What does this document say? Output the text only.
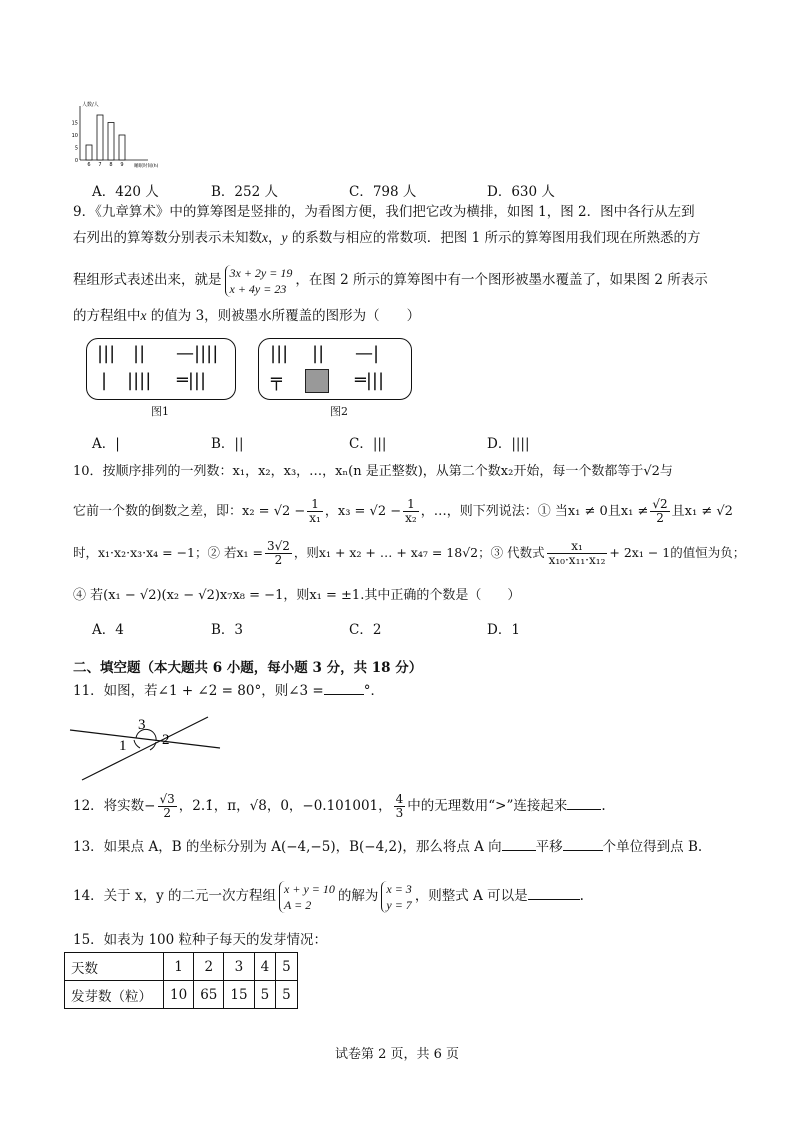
人数/人
睡眠时间(h)
0
5
10
15
6 7 8 9
A．420 人	B．252 人	C．798 人	D．630 人
9．《九章算术》中的算筹图是竖排的，为看图方便，我们把它改为横排，如图 1，图 2．图中各行从左到
右列出的算筹数分别表示未知数x，y 的系数与相应的常数项．把图 1 所示的算筹图用我们现在所熟悉的方
程组形式表述出来，就是 3x + 2y = 19
x + 4y = 23
，在图 2 所示的算筹图中有一个图形被墨水覆盖了，如果图 2 所表示
的方程组中x 的值为 3，则被墨水所覆盖的图形为（　　）
||| || —||||
| |||| ═|||
图1
||| || —|
╤	═|||
图2
A．|	B．||	C．|||	D．||||
10．按顺序排列的一列数：x₁，x₂，x₃，…，xₙ(n 是正整数)，从第二个数x₂开始，每一个数都等于√2与
它前一个数的倒数之差，即：$x_2 = √2 - \frac{1}{\text{x₁}}$ ，$x_3 = √2 - \frac{1}{\text{x₂}}$ ，…，则下列说法：① 当x₁ ≠ 0且$x_1 \ne \frac{√2}{2}$ 且x₁ ≠ √2
时，x₁·x₂·x₃·x₄ = −1；② 若$x_1 = \frac{3√2}{2}$ ，则x₁ + x₂ + … + x₄₇ = 18√2；③ 代数式 $\frac{\text{x₁}}{\text{x₁₀·x₁₁·x₁₂}} + 2x_1 - 1$的值恒为负；
④ 若(x₁ − √2)(x₂ − √2)x₇x₈ = −1，则x₁ = ±1.其中正确的个数是（　　）
A．4	B．3	C．2	D．1
二、填空题（本大题共 6 小题，每小题 3 分，共 18 分）
11．如图，若∠1 + ∠2 = 80°，则∠3 =	°．
3
1 2
12．将实数− $\frac{√3}{2}$ ，2.1̇，π，√8，0，−0.101001， $\frac{4}{3}$ 中的无理数用“>”连接起来	.
13．如果点 A，B 的坐标分别为 A(−4,−5)，B(−4,2)，那么将点 A 向	平移	个单位得到点 B.
14．关于 x，y 的二元一次方程组 x + y = 10
A = 2
的解为 x = 3
y = 7
，则整式 A 可以是	.
15．如表为 100 粒种子每天的发芽情况：
天数	1	2	3	4	5
发芽数（粒）	10	65	15	5	5
试卷第 2 页，共 6 页
